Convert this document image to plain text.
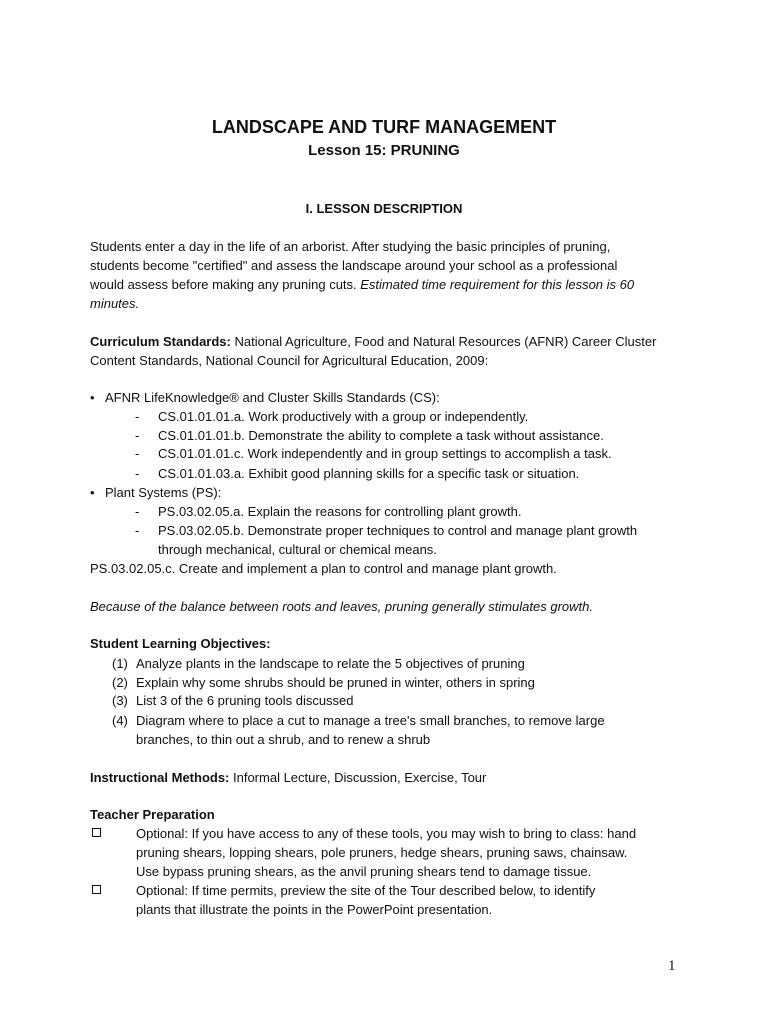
LANDSCAPE AND TURF MANAGEMENT
Lesson 15: PRUNING
I. LESSON DESCRIPTION
Students enter a day in the life of an arborist. After studying the basic principles of pruning,
students become "certified" and assess the landscape around your school as a professional
would assess before making any pruning cuts. Estimated time requirement for this lesson is 60
minutes.
Curriculum Standards: National Agriculture, Food and Natural Resources (AFNR) Career Cluster
Content Standards, National Council for Agricultural Education, 2009:
• AFNR LifeKnowledge® and Cluster Skills Standards (CS):
- CS.01.01.01.a. Work productively with a group or independently.
- CS.01.01.01.b. Demonstrate the ability to complete a task without assistance.
- CS.01.01.01.c. Work independently and in group settings to accomplish a task.
- CS.01.01.03.a. Exhibit good planning skills for a specific task or situation.
• Plant Systems (PS):
- PS.03.02.05.a. Explain the reasons for controlling plant growth.
- PS.03.02.05.b. Demonstrate proper techniques to control and manage plant growth
through mechanical, cultural or chemical means.
PS.03.02.05.c. Create and implement a plan to control and manage plant growth.
Because of the balance between roots and leaves, pruning generally stimulates growth.
Student Learning Objectives:
(1) Analyze plants in the landscape to relate the 5 objectives of pruning
(2) Explain why some shrubs should be pruned in winter, others in spring
(3) List 3 of the 6 pruning tools discussed
(4) Diagram where to place a cut to manage a tree's small branches, to remove large
branches, to thin out a shrub, and to renew a shrub
Instructional Methods: Informal Lecture, Discussion, Exercise, Tour
Teacher Preparation
Optional: If you have access to any of these tools, you may wish to bring to class: hand
pruning shears, lopping shears, pole pruners, hedge shears, pruning saws, chainsaw.
Use bypass pruning shears, as the anvil pruning shears tend to damage tissue.
Optional: If time permits, preview the site of the Tour described below, to identify
plants that illustrate the points in the PowerPoint presentation.
1
